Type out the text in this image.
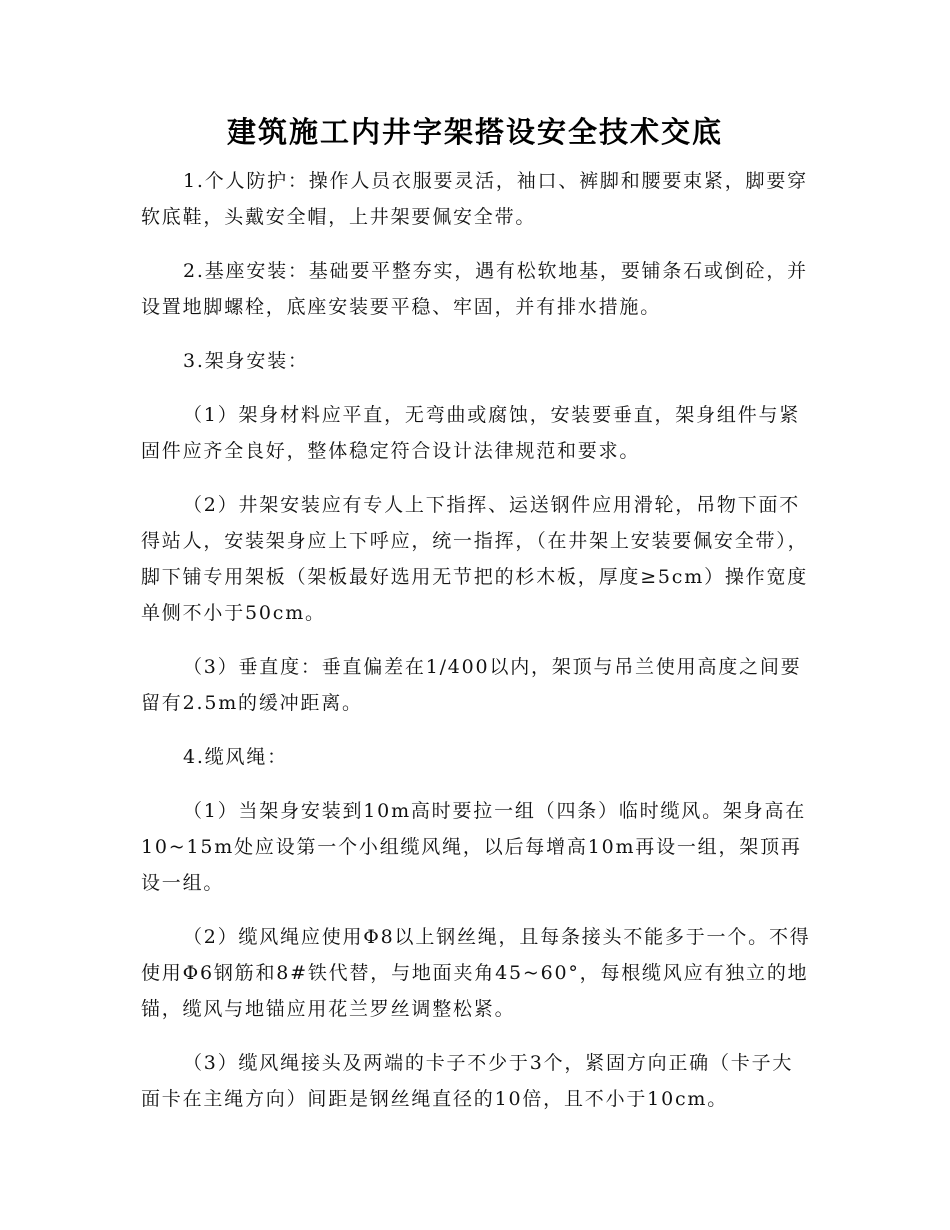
建筑施工内井字架搭设安全技术交底

1.个人防护：操作人员衣服要灵活，袖口、裤脚和腰要束紧，脚要穿软底鞋，头戴安全帽，上井架要佩安全带。

2.基座安装：基础要平整夯实，遇有松软地基，要铺条石或倒砼，并设置地脚螺栓，底座安装要平稳、牢固，并有排水措施。

3.架身安装：

（1）架身材料应平直，无弯曲或腐蚀，安装要垂直，架身组件与紧固件应齐全良好，整体稳定符合设计法律规范和要求。

（2）井架安装应有专人上下指挥、运送钢件应用滑轮，吊物下面不得站人，安装架身应上下呼应，统一指挥，（在井架上安装要佩安全带），脚下铺专用架板（架板最好选用无节把的杉木板，厚度≥5cm）操作宽度单侧不小于50cm。

（3）垂直度：垂直偏差在1/400以内，架顶与吊兰使用高度之间要留有2.5m的缓冲距离。

4.缆风绳：

（1）当架身安装到10m高时要拉一组（四条）临时缆风。架身高在10~15m处应设第一个小组缆风绳，以后每增高10m再设一组，架顶再设一组。

（2）缆风绳应使用Φ8以上钢丝绳，且每条接头不能多于一个。不得使用Φ6钢筋和8#铁代替，与地面夹角45~60°，每根缆风应有独立的地锚，缆风与地锚应用花兰罗丝调整松紧。

（3）缆风绳接头及两端的卡子不少于3个，紧固方向正确（卡子大面卡在主绳方向）间距是钢丝绳直径的10倍，且不小于10cm。
